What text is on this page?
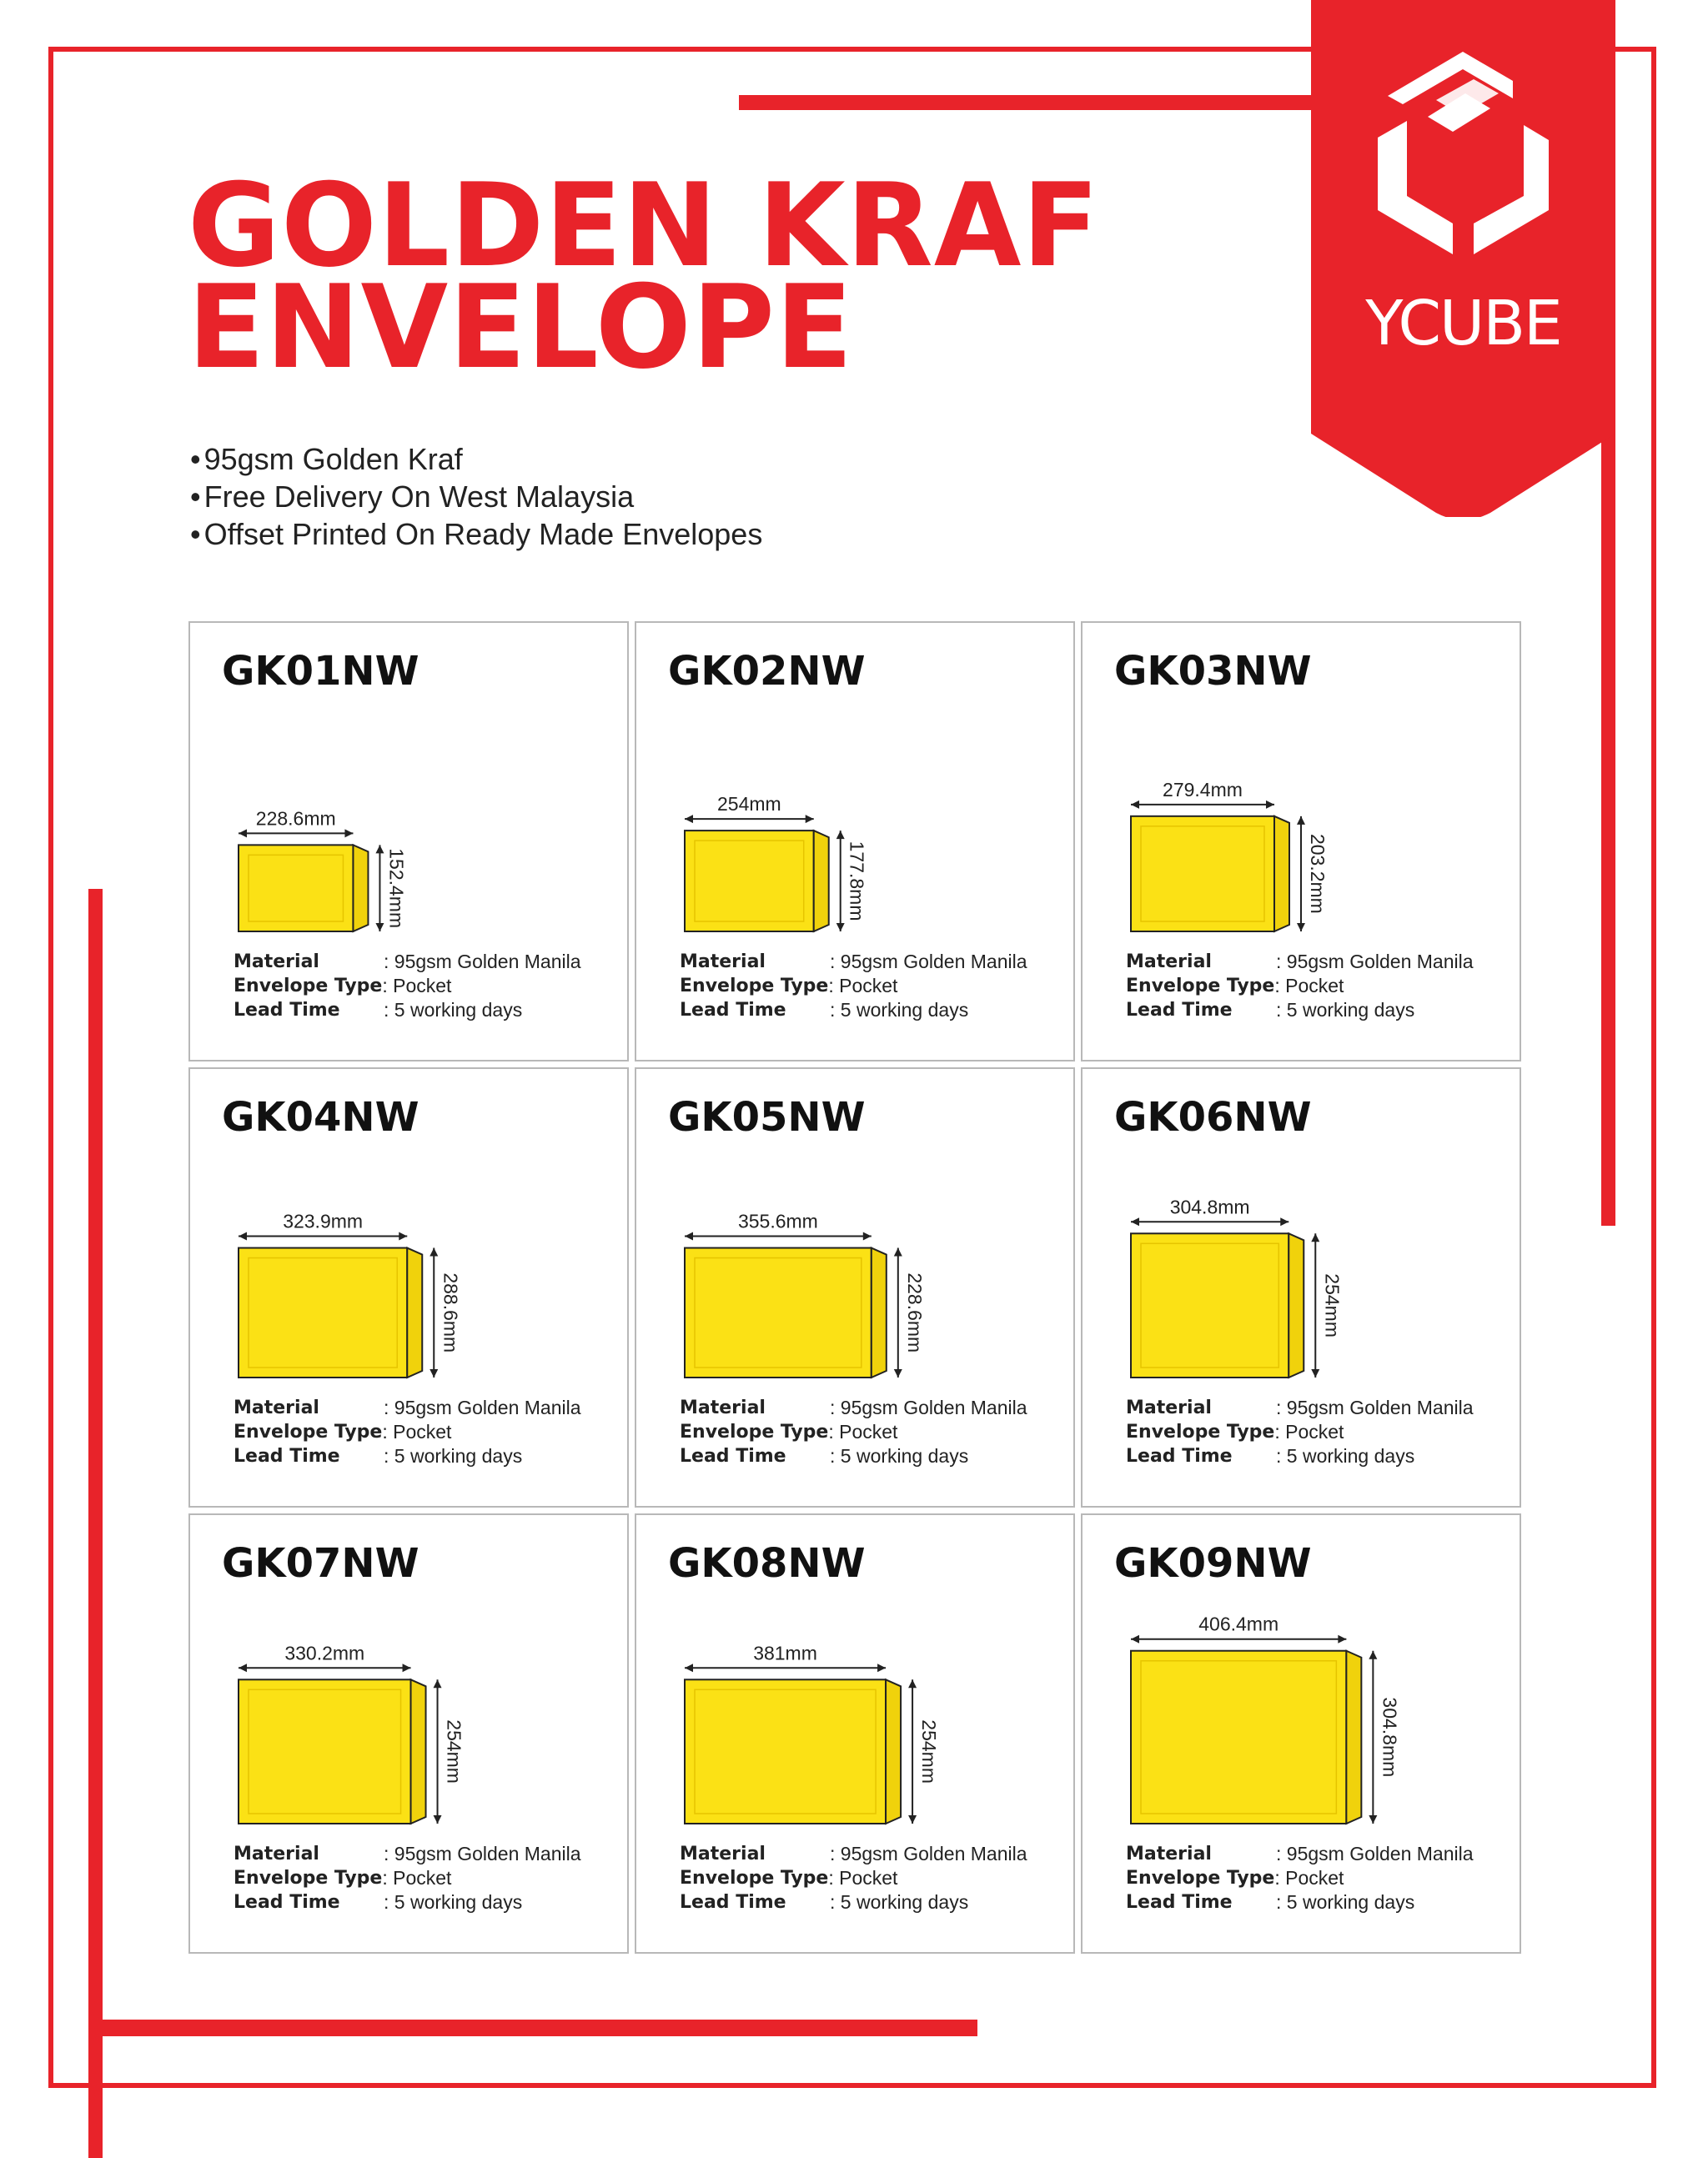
YCUBE
GOLDEN KRAF
ENVELOPE
• 95gsm Golden Kraf
• Free Delivery On West Malaysia
• Offset Printed On Ready Made Envelopes
GK01NW
228.6mm
152.4mm
Material	: 95gsm Golden Manila
Envelope Type : Pocket
Lead Time	: 5 working days
GK02NW
254mm
177.8mm
Material	: 95gsm Golden Manila
Envelope Type : Pocket
Lead Time	: 5 working days
GK03NW
279.4mm
203.2mm
Material	: 95gsm Golden Manila
Envelope Type : Pocket
Lead Time	: 5 working days
GK04NW
323.9mm
288.6mm
Material	: 95gsm Golden Manila
Envelope Type : Pocket
Lead Time	: 5 working days
GK05NW
355.6mm
228.6mm
Material	: 95gsm Golden Manila
Envelope Type : Pocket
Lead Time	: 5 working days
GK06NW
304.8mm
254mm
Material	: 95gsm Golden Manila
Envelope Type : Pocket
Lead Time	: 5 working days
GK07NW
330.2mm
254mm
Material	: 95gsm Golden Manila
Envelope Type : Pocket
Lead Time	: 5 working days
GK08NW
381mm
254mm
Material	: 95gsm Golden Manila
Envelope Type : Pocket
Lead Time	: 5 working days
GK09NW
406.4mm
304.8mm
Material	: 95gsm Golden Manila
Envelope Type : Pocket
Lead Time	: 5 working days
